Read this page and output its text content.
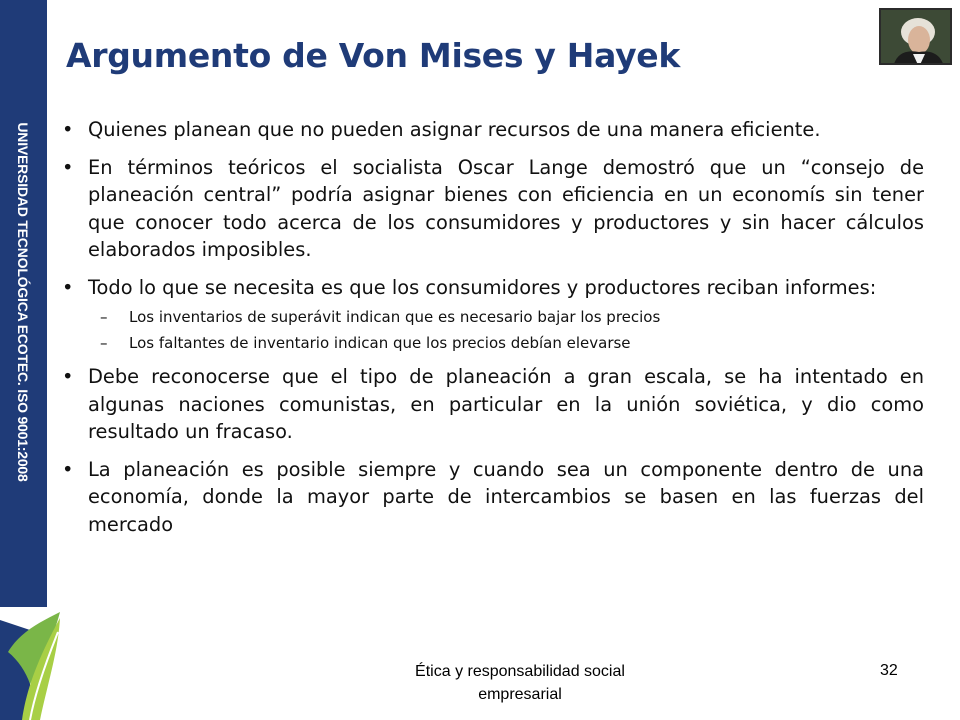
UNIVERSIDAD TECNOLÓGICA ECOTEC. ISO 9001:2008
Argumento de Von Mises y Hayek
• Quienes planean que no pueden asignar recursos de una manera eficiente.
• En términos teóricos el socialista Oscar Lange demostró que un “consejo de planeación central” podría asignar bienes con eficiencia en un economís sin tener que conocer todo acerca de los consumidores y productores y sin hacer cálculos elaborados imposibles.
• Todo lo que se necesita es que los consumidores y productores reciban informes:
– Los inventarios de superávit indican que es necesario bajar los precios
– Los faltantes de inventario indican que los precios debían elevarse
• Debe reconocerse que el tipo de planeación a gran escala, se ha intentado en algunas naciones comunistas, en particular en la unión soviética, y dio como resultado un fracaso.
• La planeación es posible siempre y cuando sea un componente dentro de una economía, donde la mayor parte de intercambios se basen en las fuerzas del mercado
Ética y responsabilidad social empresarial
32
